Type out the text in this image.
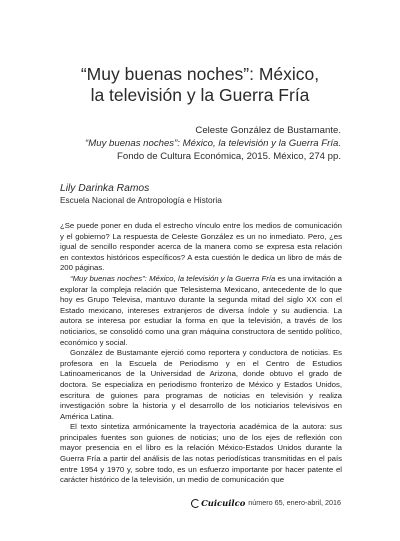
“Muy buenas noches”: México,
la televisión y la Guerra Fría
Celeste González de Bustamante.
“Muy buenas noches”: México, la televisión y la Guerra Fría.
Fondo de Cultura Económica, 2015. México, 274 pp.
Lily Darinka Ramos
Escuela Nacional de Antropología e Historia

¿Se puede poner en duda el estrecho vínculo entre los medios de comunicación y el gobierno? La respuesta de Celeste González es un no inmediato. Pero, ¿es igual de sencillo responder acerca de la manera como se expresa esta relación en contextos históricos específicos? A esta cuestión le dedica un libro de más de 200 páginas.

“Muy buenas noches”: México, la televisión y la Guerra Fría es una invitación a explorar la compleja relación que Telesistema Mexicano, antecedente de lo que hoy es Grupo Televisa, mantuvo durante la segunda mitad del siglo XX con el Estado mexicano, intereses extranjeros de diversa índole y su audiencia. La autora se interesa por estudiar la forma en que la televisión, a través de los noticiarios, se consolidó como una gran máquina constructora de sentido político, económico y social.

González de Bustamante ejerció como reportera y conductora de noticias. Es profesora en la Escuela de Periodismo y en el Centro de Estudios Latinoamericanos de la Universidad de Arizona, donde obtuvo el grado de doctora. Se especializa en periodismo fronterizo de México y Estados Unidos, escritura de guiones para programas de noticias en televisión y realiza investigación sobre la historia y el desarrollo de los noticiarios televisivos en América Latina.

El texto sintetiza armónicamente la trayectoria académica de la autora: sus principales fuentes son guiones de noticias; uno de los ejes de reflexión con mayor presencia en el libro es la relación México-Estados Unidos durante la Guerra Fría a partir del análisis de las notas periodísticas transmitidas en el país entre 1954 y 1970 y, sobre todo, es un esfuerzo importante por hacer patente el carácter histórico de la televisión, un medio de comunicación que

Cuicuilco número 65, enero-abril, 2016
